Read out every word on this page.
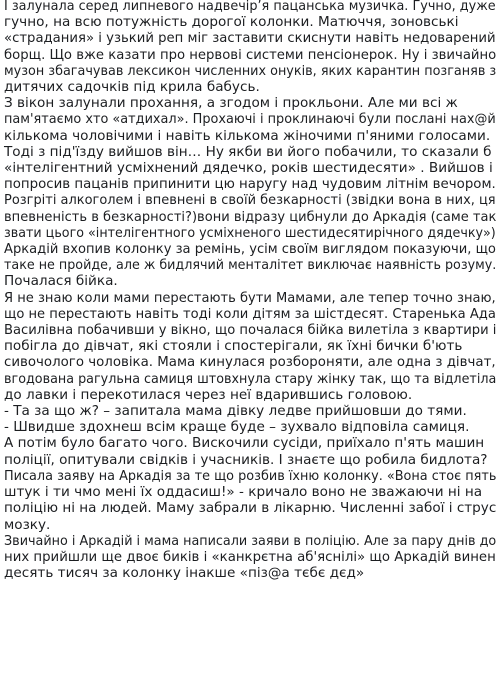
І залунала серед липневого надвечір’я пацанська музичка. Гучно, дуже
гучно, на всю потужність дорогої колонки. Матюччя, зоновські
«страдания» і узький реп міг заставити скиснути навіть недоварений
борщ. Що вже казати про нервові системи пенсіонерок. Ну і звичайно
музон збагачував лексикон численних онуків, яких карантин позганяв з
дитячих садочків під крила бабусь.

З вікон залунали прохання, а згодом і прокльони. Але ми всі ж
пам'ятаємо хто «атдихал». Прохаючі і проклинаючі були послані нах@й
кількома чоловічими і навіть кількома жіночими п'яними голосами.

Тоді з під'їзду вийшов він… Ну якби ви його побачили, то сказали б
«інтелігентний усміхнений дядечко, років шестидесяти» . Вийшов і
попросив пацанів припинити цю наругу над чудовим літнім вечором.
Розгріті алкоголем і впевнені в своїй безкарності (звідки вона в них, ця
впевненість в безкарності?)вони відразу цибнули до Аркадія (саме так
звати цього «інтелігентного усміхненого шестидесятирічного дядечку»)
Аркадій вхопив колонку за ремінь, усім своїм виглядом показуючи, що
таке не пройде, але ж бидлячий менталітет виключає наявність розуму.
Почалася бійка.

Я не знаю коли мами перестають бути Мамами, але тепер точно знаю,
що не перестають навіть тоді коли дітям за шістдесят. Старенька Ада
Василівна побачивши у вікно, що почалася бійка вилетіла з квартири і
побігла до дівчат, які стояли і спостерігали, як їхні бички б'ють
сивочолого чоловіка. Мама кинулася розбороняти, але одна з дівчат,
вгодована рагульна самиця штовхнула стару жінку так, що та відлетіла
до лавки і перекотилася через неї вдарившись головою.

- Та за що ж? – запитала мама дівку ледве прийшовши до тями.
- Швидше здохнеш всім краще буде – зухвало відповіла самиця.

А потім було багато чого. Вискочили сусіди, приїхало п'ять машин
поліції, опитували свідків і учасників. І знаєте що робила бидлота?
Писала заяву на Аркадія за те що розбив їхню колонку. «Вона стоє пять
штук і ти чмо мені їх оддасиш!» - кричало воно не зважаючи ні на
поліцію ні на людей. Маму забрали в лікарню. Численні забої і струс
мозку.

Звичайно і Аркадій і мама написали заяви в поліцію. Але за пару днів до
них прийшли ще двоє биків і «канкрєтна аб'яснілі» що Аркадій винен
десять тисяч за колонку інакше «піз@а тєбє дєд»
